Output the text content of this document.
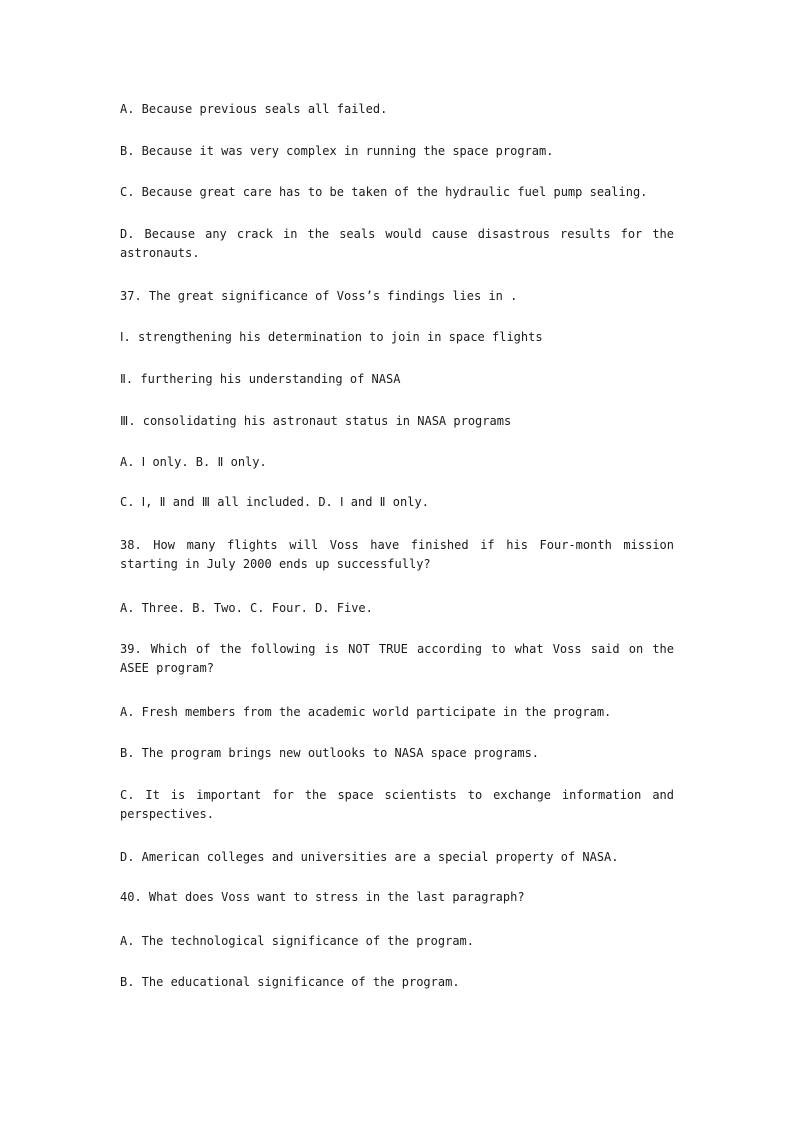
A. Because previous seals all failed.

B. Because it was very complex in running the space program.

C. Because great care has to be taken of the hydraulic fuel pump sealing.

D. Because any crack in the seals would cause disastrous results for the astronauts.

37. The great significance of Voss’s findings lies in .

Ⅰ. strengthening his determination to join in space flights

Ⅱ. furthering his understanding of NASA

Ⅲ. consolidating his astronaut status in NASA programs

A. Ⅰ only. B. Ⅱ only.

C. Ⅰ, Ⅱ and Ⅲ all included. D. Ⅰ and Ⅱ only.

38. How many flights will Voss have finished if his Four-month mission starting in July 2000 ends up successfully?

A. Three. B. Two. C. Four. D. Five.

39. Which of the following is NOT TRUE according to what Voss said on the ASEE program?

A. Fresh members from the academic world participate in the program.

B. The program brings new outlooks to NASA space programs.

C. It is important for the space scientists to exchange information and perspectives.

D. American colleges and universities are a special property of NASA.

40. What does Voss want to stress in the last paragraph?

A. The technological significance of the program.

B. The educational significance of the program.
